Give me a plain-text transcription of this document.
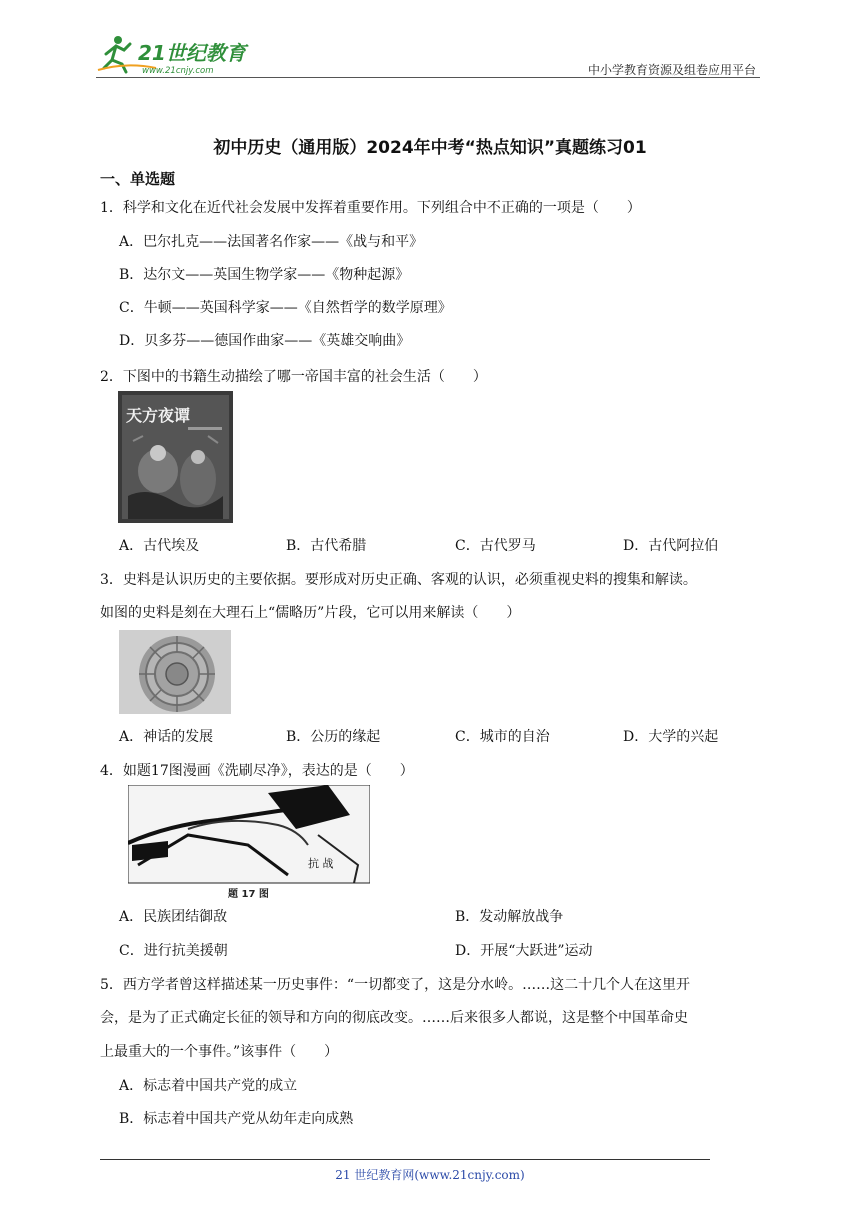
21世纪教育
www.21cnjy.com	中小学教育资源及组卷应用平台
初中历史（通用版）2024年中考“热点知识”真题练习01
一、单选题
1．科学和文化在近代社会发展中发挥着重要作用。下列组合中不正确的一项是（　　）
A．巴尔扎克——法国著名作家——《战与和平》
B．达尔文——英国生物学家——《物种起源》
C．牛顿——英国科学家——《自然哲学的数学原理》
D．贝多芬——德国作曲家——《英雄交响曲》
2．下图中的书籍生动描绘了哪一帝国丰富的社会生活（　　）
天方夜谭
A．古代埃及	B．古代希腊	C．古代罗马	D．古代阿拉伯
3．史料是认识历史的主要依据。要形成对历史正确、客观的认识，必须重视史料的搜集和解读。
如图的史料是刻在大理石上“儒略历”片段，它可以用来解读（　　）
A．神话的发展	B．公历的缘起	C．城市的自治	D．大学的兴起
4．如题17图漫画《洗刷尽净》，表达的是（　　）
抗 战
题 17 图
A．民族团结御敌	B．发动解放战争
C．进行抗美援朝	D．开展“大跃进”运动
5．西方学者曾这样描述某一历史事件：“一切都变了，这是分水岭。……这二十几个人在这里开
会，是为了正式确定长征的领导和方向的彻底改变。……后来很多人都说，这是整个中国革命史
上最重大的一个事件。”该事件（　　）
A．标志着中国共产党的成立
B．标志着中国共产党从幼年走向成熟
21 世纪教育网(www.21cnjy.com)
